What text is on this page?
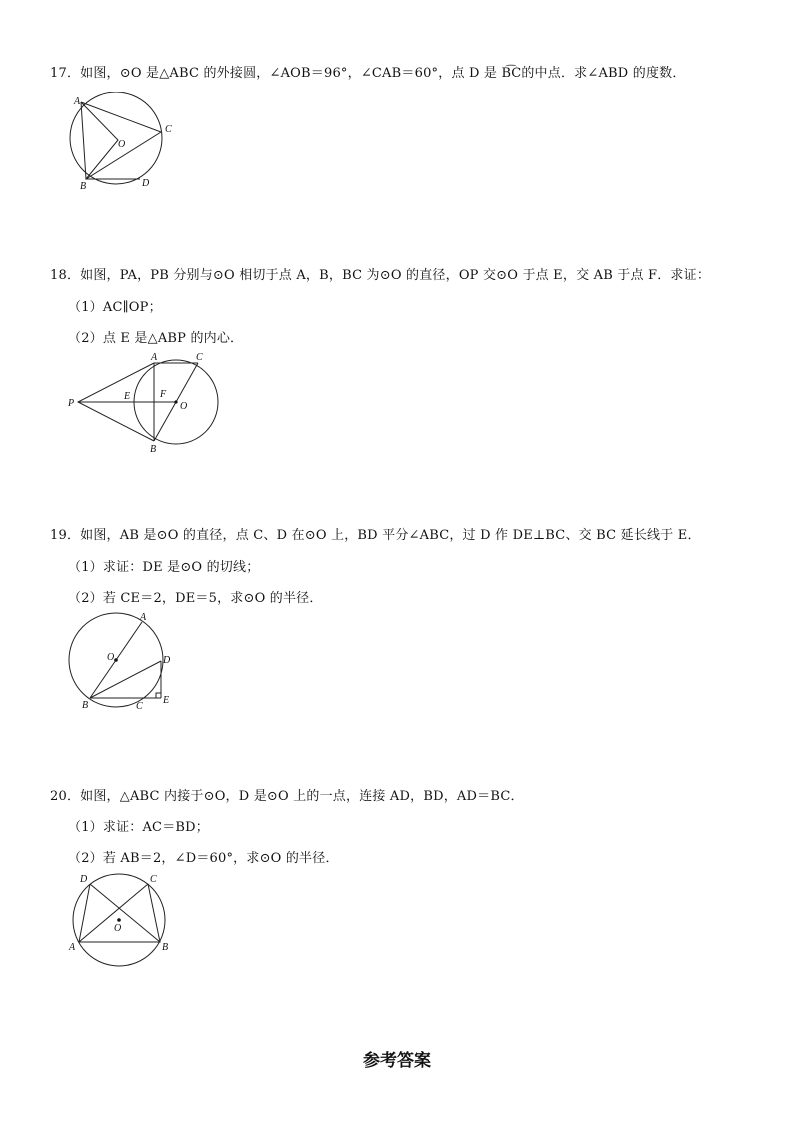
17．如图，⊙O 是△ABC 的外接圆，∠AOB＝96°，∠CAB＝60°，点 D 是 B͡C的中点．求∠ABD 的度数．
A
C
O
B	D
18．如图，PA，PB 分别与⊙O 相切于点 A，B，BC 为⊙O 的直径，OP 交⊙O 于点 E，交 AB 于点 F．求证：
（1）AC∥OP；
（2）点 E 是△ABP 的内心．
P
A	C
E	F
O
B
19．如图，AB 是⊙O 的直径，点 C、D 在⊙O 上，BD 平分∠ABC，过 D 作 DE⊥BC、交 BC 延长线于 E．
（1）求证：DE 是⊙O 的切线；
（2）若 CE＝2，DE＝5，求⊙O 的半径．
A
O	D
B	C
E
20．如图，△ABC 内接于⊙O，D 是⊙O 上的一点，连接 AD，BD，AD＝BC．
（1）求证：AC＝BD；
（2）若 AB＝2，∠D＝60°，求⊙O 的半径．
D	C
O
A	B
参考答案
